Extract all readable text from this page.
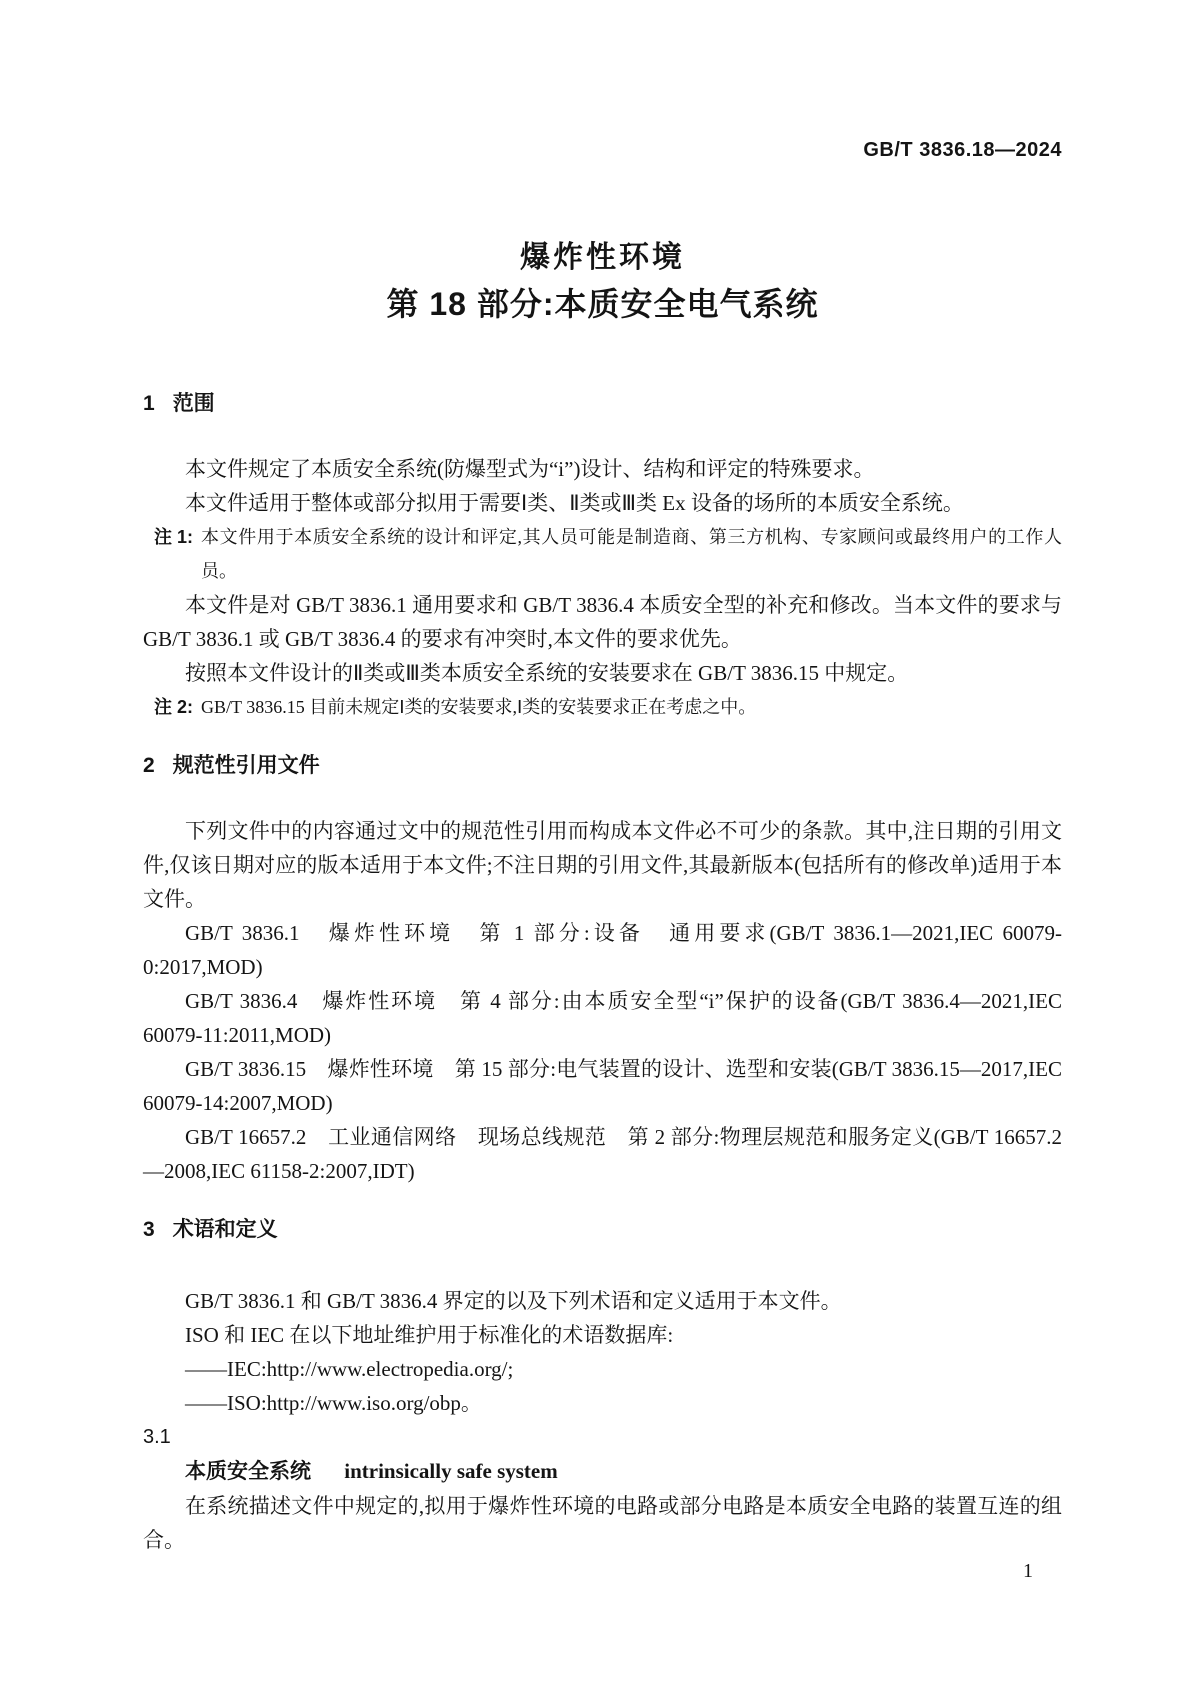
GB/T 3836.18—2024
爆炸性环境
第 18 部分:本质安全电气系统
1 范围

本文件规定了本质安全系统(防爆型式为“i”)设计、结构和评定的特殊要求。

本文件适用于整体或部分拟用于需要Ⅰ类、Ⅱ类或Ⅲ类 Ex 设备的场所的本质安全系统。

注 1: 本文件用于本质安全系统的设计和评定,其人员可能是制造商、第三方机构、专家顾问或最终用户的工作人员。

本文件是对 GB/T 3836.1 通用要求和 GB/T 3836.4 本质安全型的补充和修改。当本文件的要求与 GB/T 3836.1 或 GB/T 3836.4 的要求有冲突时,本文件的要求优先。

按照本文件设计的Ⅱ类或Ⅲ类本质安全系统的安装要求在 GB/T 3836.15 中规定。

注 2: GB/T 3836.15 目前未规定Ⅰ类的安装要求,Ⅰ类的安装要求正在考虑之中。
2 规范性引用文件

下列文件中的内容通过文中的规范性引用而构成本文件必不可少的条款。其中,注日期的引用文件,仅该日期对应的版本适用于本文件;不注日期的引用文件,其最新版本(包括所有的修改单)适用于本文件。

GB/T 3836.1　爆炸性环境　第 1 部分:设备　通用要求(GB/T 3836.1—2021,IEC 60079-0:2017,MOD)

GB/T 3836.4　爆炸性环境　第 4 部分:由本质安全型“i”保护的设备(GB/T 3836.4—2021,IEC 60079-11:2011,MOD)

GB/T 3836.15　爆炸性环境　第 15 部分:电气装置的设计、选型和安装(GB/T 3836.15—2017,IEC 60079-14:2007,MOD)

GB/T 16657.2　工业通信网络　现场总线规范　第 2 部分:物理层规范和服务定义(GB/T 16657.2—2008,IEC 61158-2:2007,IDT)

3 术语和定义

GB/T 3836.1 和 GB/T 3836.4 界定的以及下列术语和定义适用于本文件。

ISO 和 IEC 在以下地址维护用于标准化的术语数据库:

——IEC:http://www.electropedia.org/;

——ISO:http://www.iso.org/obp。

3.1

本质安全系统 intrinsically safe system

在系统描述文件中规定的,拟用于爆炸性环境的电路或部分电路是本质安全电路的装置互连的组合。

1
